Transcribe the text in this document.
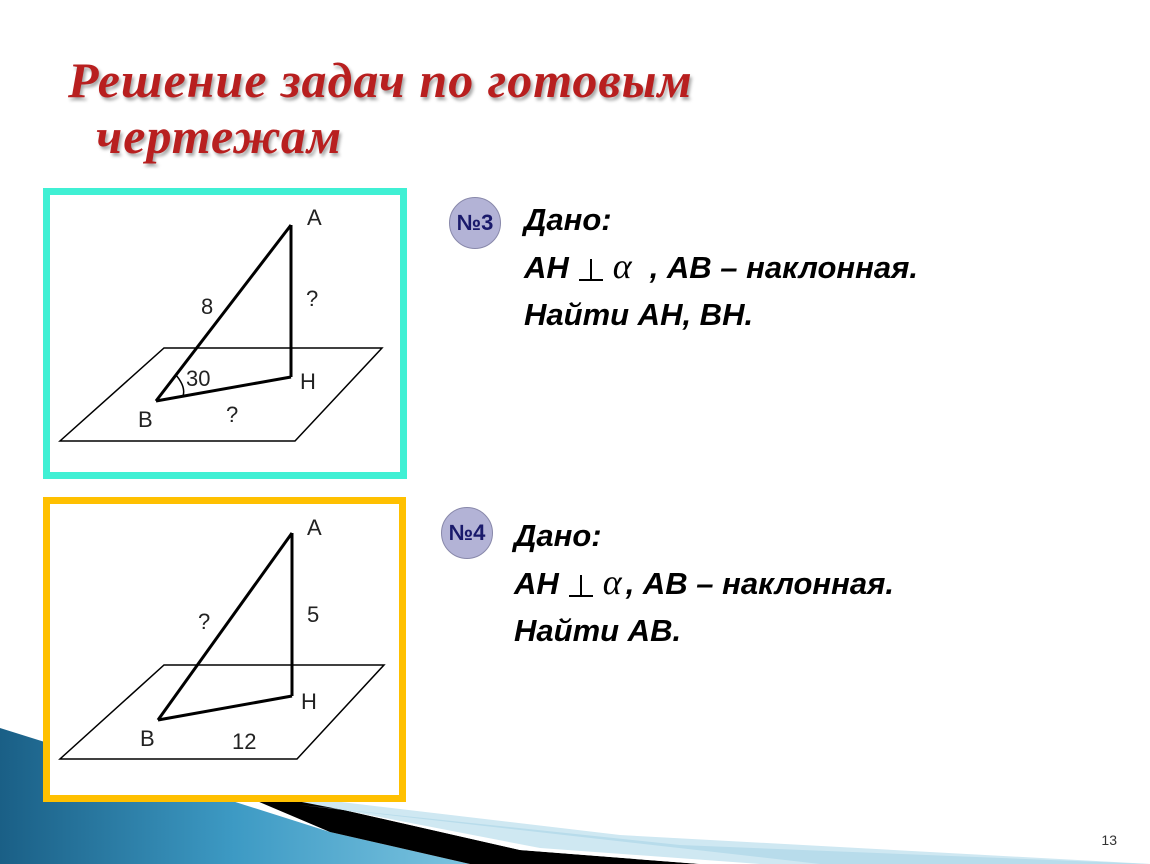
Решение задач по готовым
чертежам
A
H
B
8	?
?
30
A
H
B
?	5
12
№3 Дано:
АН α , АВ – наклонная.
Найти АН, ВН.
№4 Дано:
АН α , АВ – наклонная.
Найти АВ.
13
